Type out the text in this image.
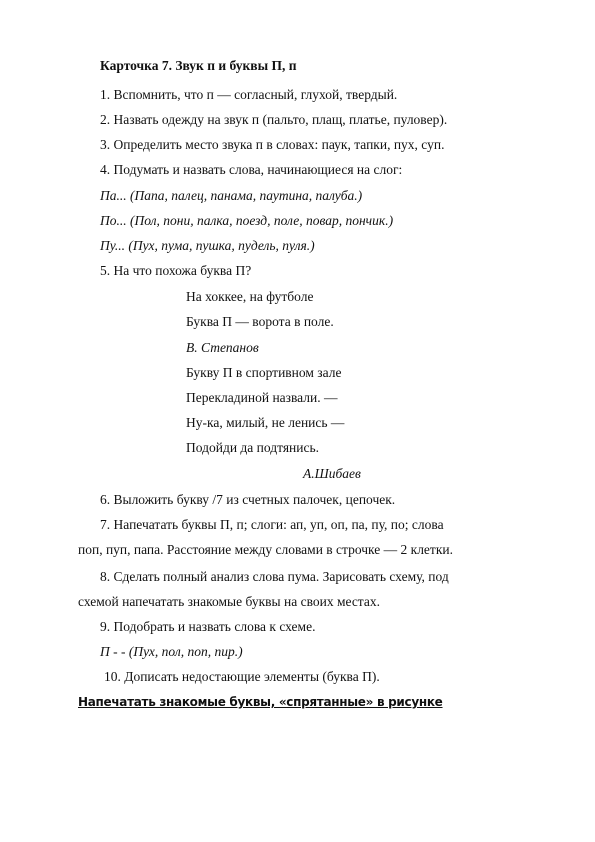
Карточка 7. Звук п и буквы П, п
1. Вспомнить, что п — согласный, глухой, твердый.
2. Назвать одежду на звук п (пальто, плащ, платье, пуловер).
3. Определить место звука п в словах: паук, тапки, пух, суп.
4. Подумать и назвать слова, начинающиеся на слог:
Па... (Папа, палец, панама, паутина, палуба.)
По... (Пол, пони, палка, поезд, поле, повар, пончик.)
Пу... (Пух, пума, пушка, пудель, пуля.)
5. На что похожа буква П?
На хоккее, на футболе
Буква П — ворота в поле.
В. Степанов
Букву П в спортивном зале
Перекладиной назвали. —
Ну-ка, милый, не ленись —
Подойди да подтянись.
А.Шибаев
6. Выложить букву /7 из счетных палочек, цепочек.
7. Напечатать буквы П, п; слоги: ап, уп, оп, па, пу, по; слова
поп, пуп, папа. Расстояние между словами в строчке — 2 клетки.
8. Сделать полный анализ слова пума. Зарисовать схему, под
схемой напечатать знакомые буквы на своих местах.
9. Подобрать и назвать слова к схеме.
П - - (Пух, пол, поп, пир.)
10. Дописать недостающие элементы (буква П).
Напечатать знакомые буквы, «спрятанные» в рисунке
